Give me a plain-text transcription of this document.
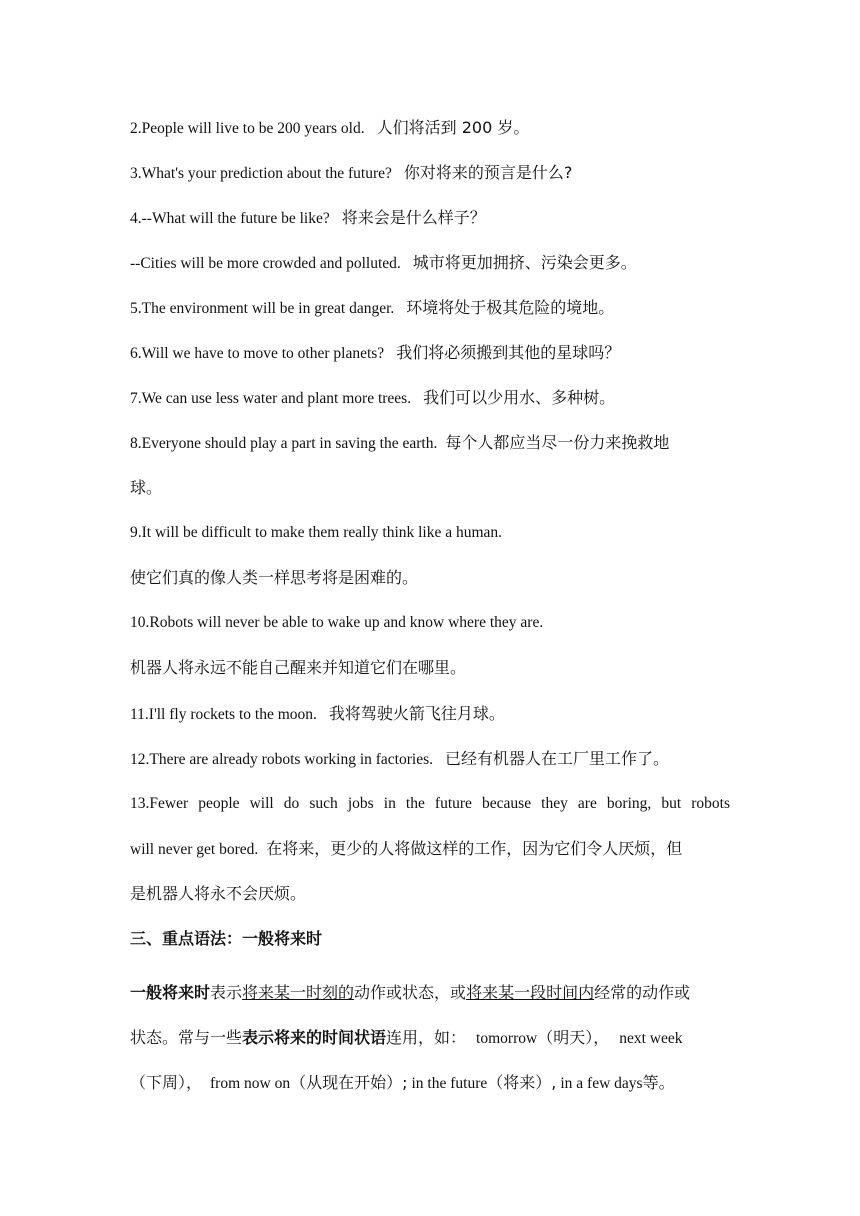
2.People will live to be 200 years old. 人们将活到 200 岁。
3.What's your prediction about the future? 你对将来的预言是什么?
4.--What will the future be like? 将来会是什么样子？
--Cities will be more crowded and polluted. 城市将更加拥挤、污染会更多。
5.The environment will be in great danger. 环境将处于极其危险的境地。
6.Will we have to move to other planets? 我们将必须搬到其他的星球吗？
7.We can use less water and plant more trees. 我们可以少用水、多种树。
8.Everyone should play a part in saving the earth. 每个人都应当尽一份力来挽救地
球。
9.It will be difficult to make them really think like a human.
使它们真的像人类一样思考将是困难的。
10.Robots will never be able to wake up and know where they are.
机器人将永远不能自己醒来并知道它们在哪里。
11.I'll fly rockets to the moon. 我将驾驶火箭飞往月球。
12.There are already robots working in factories. 已经有机器人在工厂里工作了。
13.Fewer people will do such jobs in the future because they are boring, but robots
will never get bored. 在将来，更少的人将做这样的工作，因为它们令人厌烦，但
是机器人将永不会厌烦。
三、重点语法：一般将来时
一般将来时表示将来某一时刻的动作或状态，或将来某一段时间内经常的动作或
状态。常与一些表示将来的时间状语连用，如： tomorrow（明天）， next week
（下周）， from now on（从现在开始）; in the future（将来）, in a few days等。
